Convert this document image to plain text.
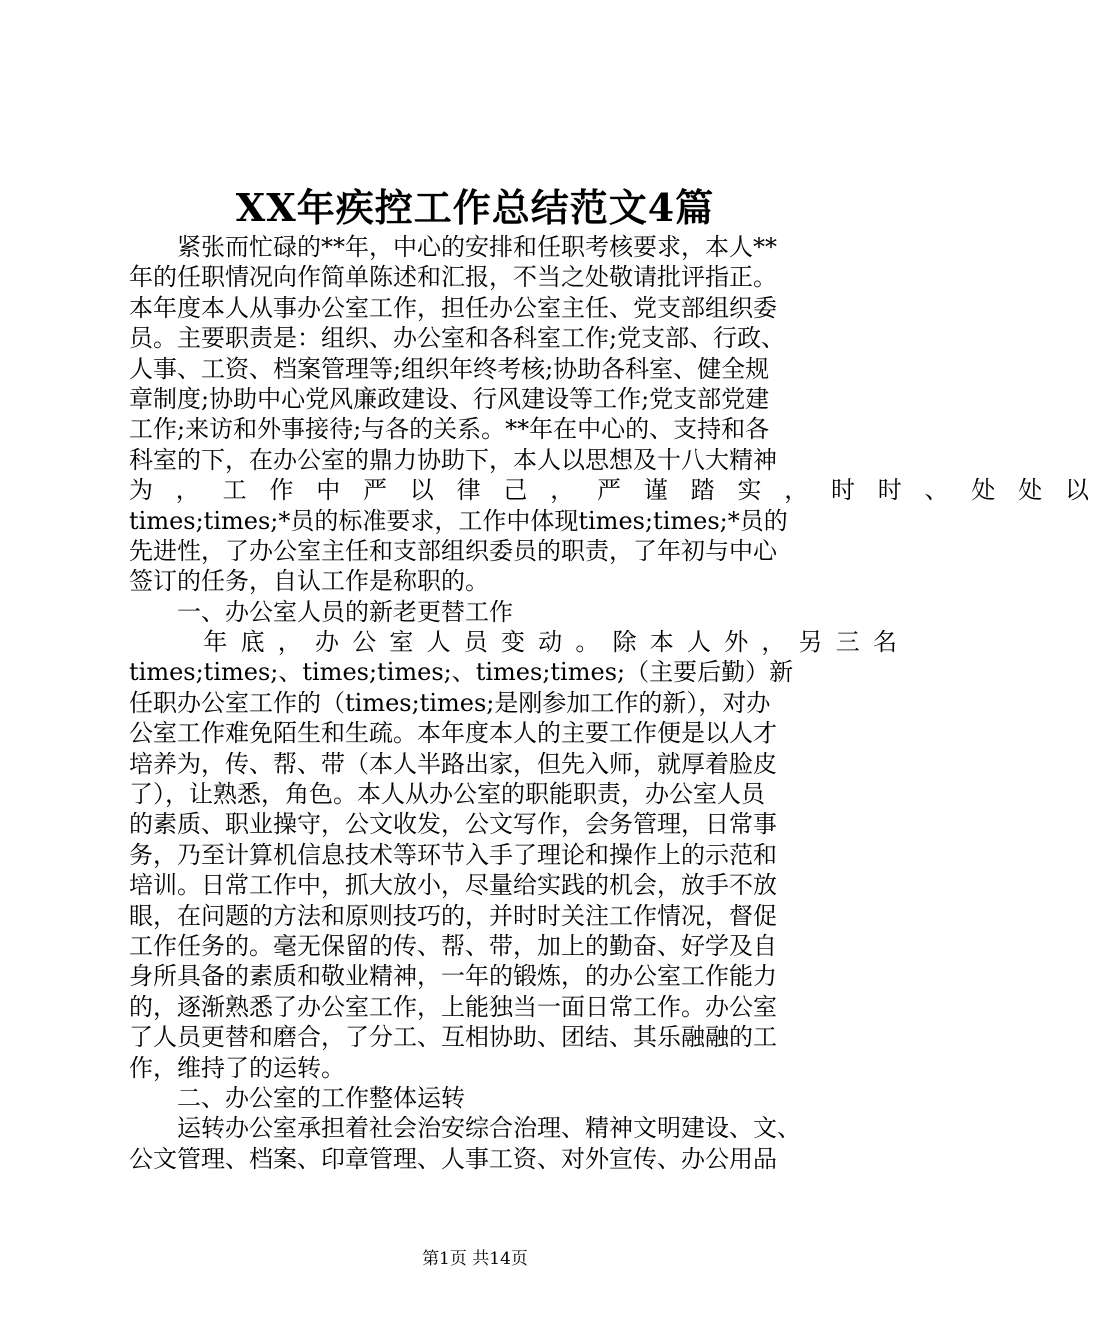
XX年疾控工作总结范文4篇
　　紧张而忙碌的**年，中心的安排和任职考核要求，本人**
年的任职情况向作简单陈述和汇报，不当之处敬请批评指正。
本年度本人从事办公室工作，担任办公室主任、党支部组织委
员。主要职责是：组织、办公室和各科室工作;党支部、行政、
人事、工资、档案管理等;组织年终考核;协助各科室、健全规
章制度;协助中心党风廉政建设、行风建设等工作;党支部党建
工作;来访和外事接待;与各的关系。**年在中心的、支持和各
科室的下，在办公室的鼎力协助下，本人以思想及十八大精神
为，工作中严以律己，严谨踏实，时时、处处以
times;times;*员的标准要求，工作中体现times;times;*员的
先进性，了办公室主任和支部组织委员的职责，了年初与中心
签订的任务，自认工作是称职的。
　　一、办公室人员的新老更替工作
　　年底，办公室人员变动。除本人外，另三名
times;times;、times;times;、times;times;（主要后勤）新
任职办公室工作的（times;times;是刚参加工作的新），对办
公室工作难免陌生和生疏。本年度本人的主要工作便是以人才
培养为，传、帮、带（本人半路出家，但先入师，就厚着脸皮
了），让熟悉，角色。本人从办公室的职能职责，办公室人员
的素质、职业操守，公文收发，公文写作，会务管理，日常事
务，乃至计算机信息技术等环节入手了理论和操作上的示范和
培训。日常工作中，抓大放小，尽量给实践的机会，放手不放
眼，在问题的方法和原则技巧的，并时时关注工作情况，督促
工作任务的。毫无保留的传、帮、带，加上的勤奋、好学及自
身所具备的素质和敬业精神，一年的锻炼，的办公室工作能力
的，逐渐熟悉了办公室工作，上能独当一面日常工作。办公室
了人员更替和磨合，了分工、互相协助、团结、其乐融融的工
作，维持了的运转。
　　二、办公室的工作整体运转
　　运转办公室承担着社会治安综合治理、精神文明建设、文、
公文管理、档案、印章管理、人事工资、对外宣传、办公用品
第1页 共14页
